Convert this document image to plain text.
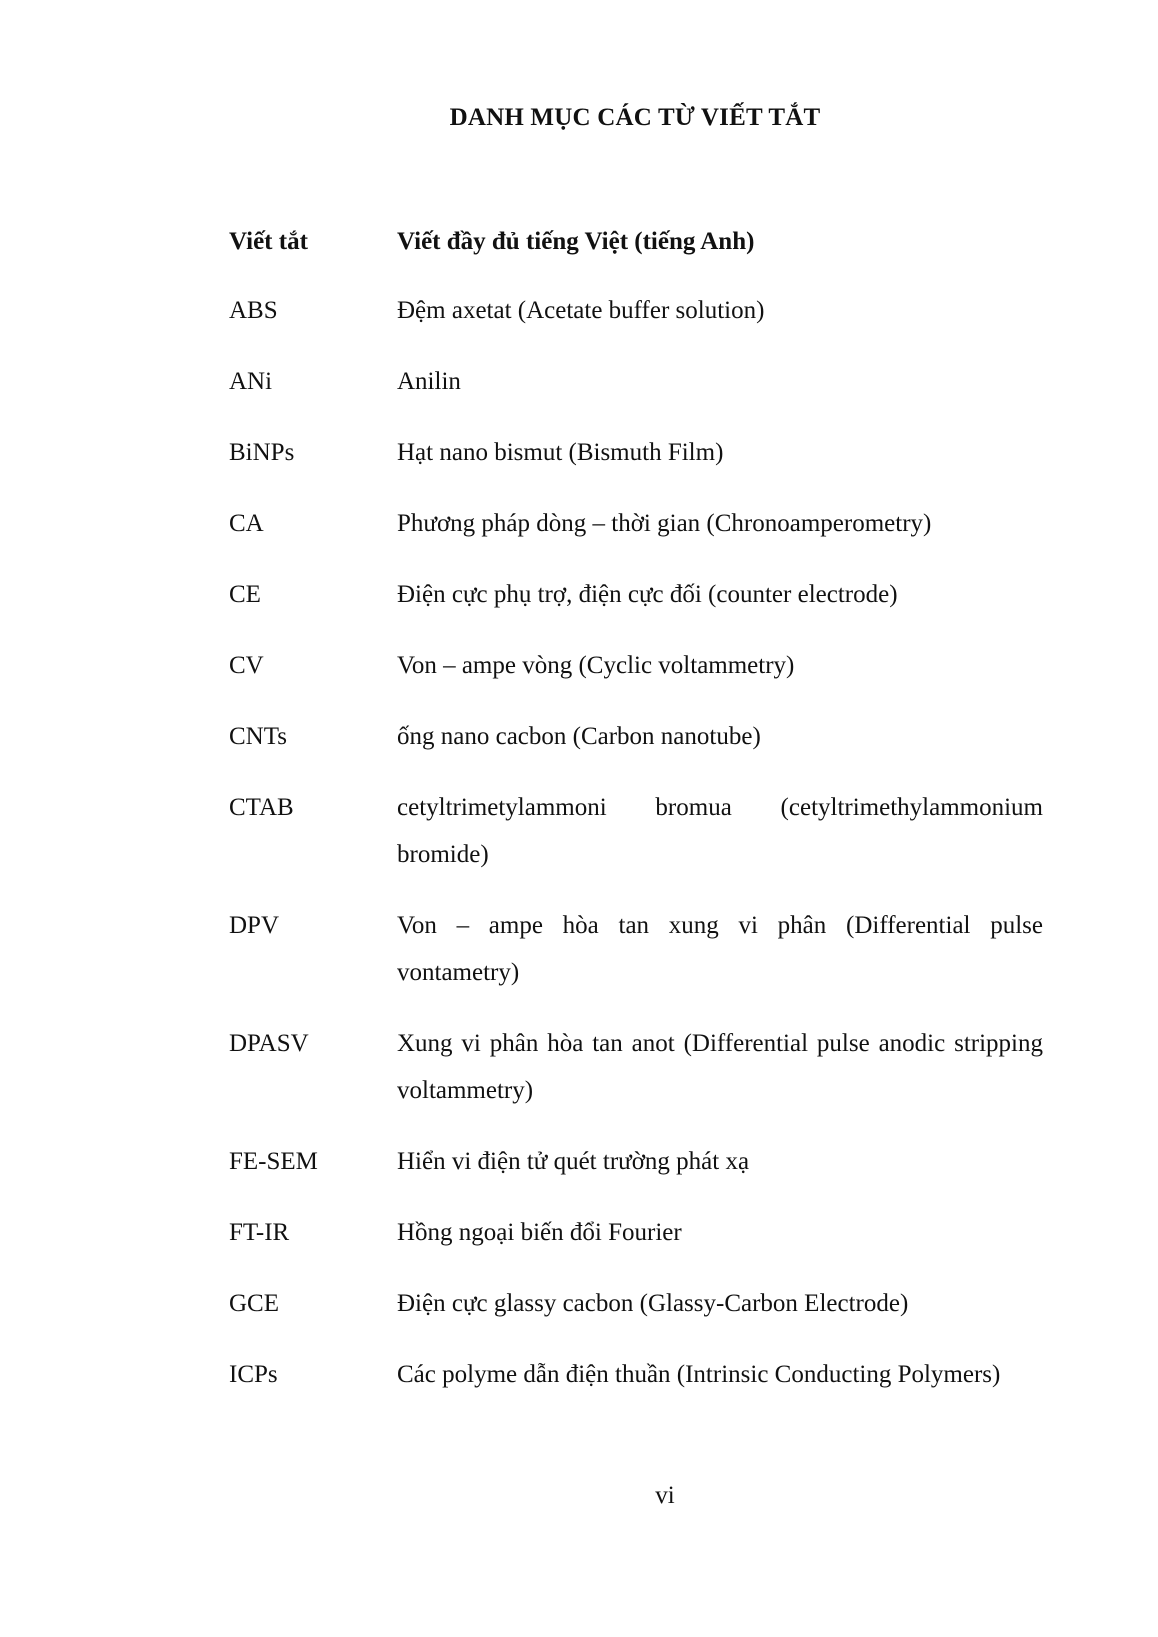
DANH MỤC CÁC TỪ VIẾT TẮT
Viết tắt	Viết đầy đủ tiếng Việt (tiếng Anh)
ABS	Đệm axetat (Acetate buffer solution)
ANi	Anilin
BiNPs	Hạt nano bismut (Bismuth Film)
CA	Phương pháp dòng – thời gian (Chronoamperometry)
CE	Điện cực phụ trợ, điện cực đối (counter electrode)
CV	Von – ampe vòng (Cyclic voltammetry)
CNTs	ống nano cacbon (Carbon nanotube)
CTAB	cetyltrimetylammoni bromua (cetyltrimethylammonium bromide)
DPV	Von – ampe hòa tan xung vi phân (Differential pulse vontametry)
DPASV	Xung vi phân hòa tan anot (Differential pulse anodic stripping voltammetry)
FE-SEM	Hiển vi điện tử quét trường phát xạ
FT-IR	Hồng ngoại biến đổi Fourier
GCE	Điện cực glassy cacbon (Glassy-Carbon Electrode)
ICPs	Các polyme dẫn điện thuần (Intrinsic Conducting Polymers)
vi
